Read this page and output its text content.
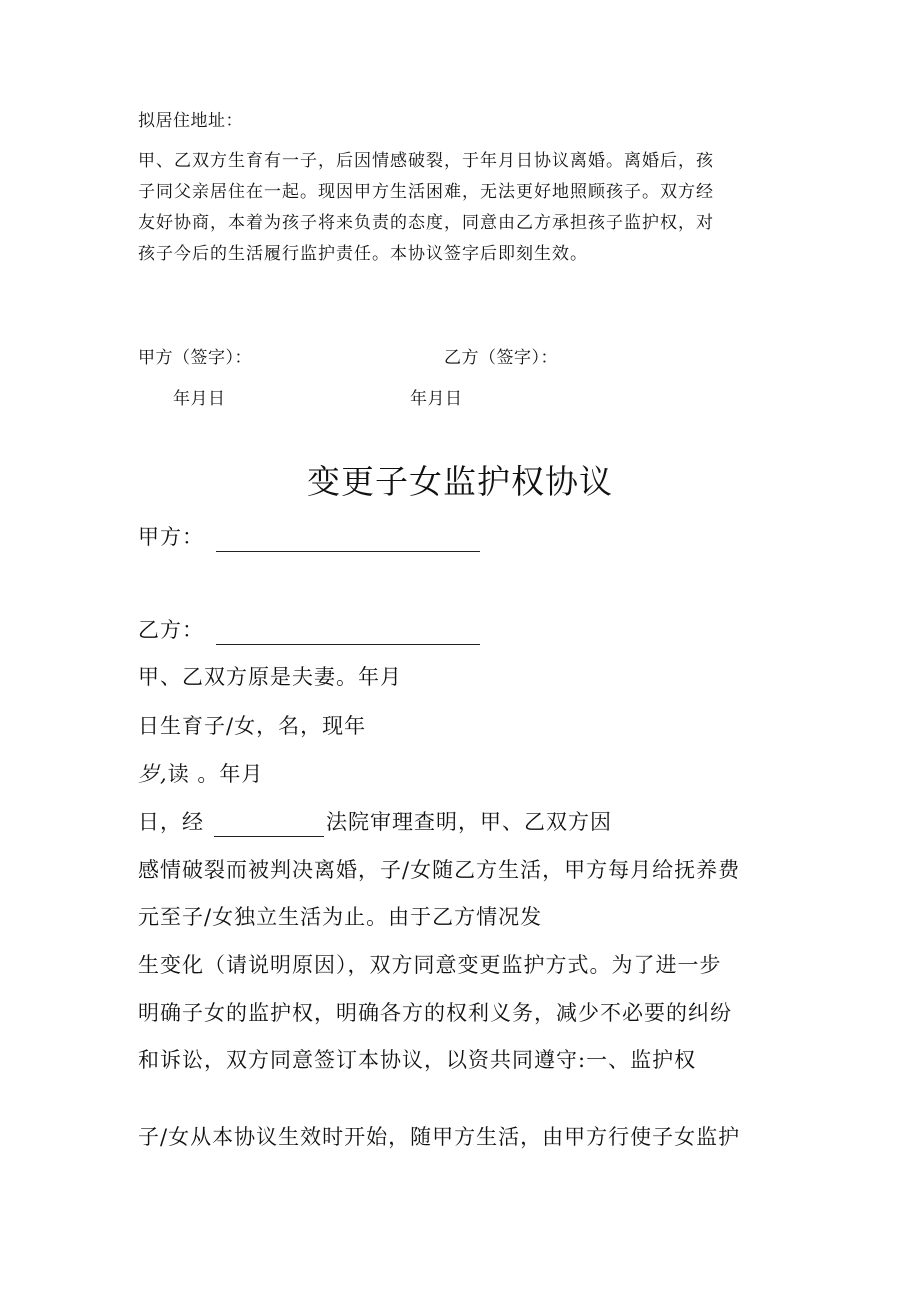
拟居住地址：
甲、乙双方生育有一子，后因情感破裂，于年月日协议离婚。离婚后，孩
子同父亲居住在一起。现因甲方生活困难，无法更好地照顾孩子。双方经
友好协商，本着为孩子将来负责的态度，同意由乙方承担孩子监护权，对
孩子今后的生活履行监护责任。本协议签字后即刻生效。
甲方（签字）：	乙方（签字）：
年月日	年月日
变更子女监护权协议
甲方：
乙方：
甲、乙双方原是夫妻。年月
日生育子/女，名，现年
岁,读 。年月
日，经	法院审理查明，甲、乙双方因
感情破裂而被判决离婚，子/女随乙方生活，甲方每月给抚养费
元至子/女独立生活为止。由于乙方情况发
生变化（请说明原因），双方同意变更监护方式。为了进一步
明确子女的监护权，明确各方的权利义务，减少不必要的纠纷
和诉讼，双方同意签订本协议，以资共同遵守:一、监护权
子/女从本协议生效时开始，随甲方生活，由甲方行使子女监护
